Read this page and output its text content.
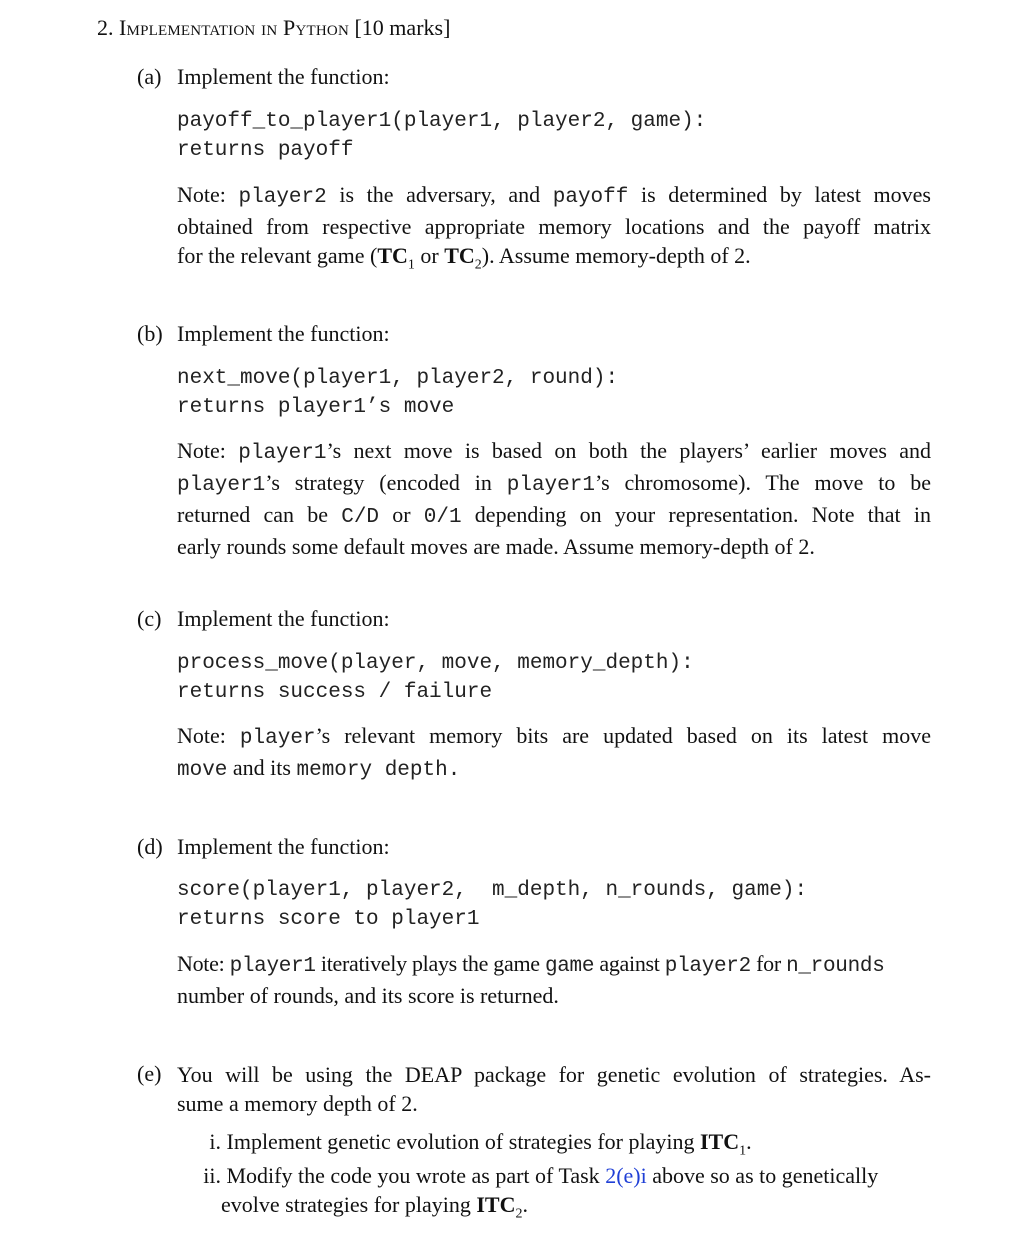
2. Implementation in Python [10 marks]
(a) Implement the function:
payoff_to_player1(player1, player2, game):
returns payoff
Note: player2 is the adversary, and payoff is determined by latest moves
obtained from respective appropriate memory locations and the payoff matrix
for the relevant game ($TC_1$ or $TC_2$). Assume memory-depth of 2.
(b) Implement the function:
next_move(player1, player2, round):
returns player1’s move
Note: player1’s next move is based on both the players’ earlier moves and
player1’s strategy (encoded in player1’s chromosome). The move to be
returned can be C/D or 0/1 depending on your representation. Note that in
early rounds some default moves are made. Assume memory-depth of 2.
(c) Implement the function:
process_move(player, move, memory_depth):
returns success / failure
Note: player’s relevant memory bits are updated based on its latest move
move and its memory depth.
(d) Implement the function:
score(player1, player2,  m_depth, n_rounds, game):
returns score to player1
Note: player1 iteratively plays the game game against player2 for n_rounds
number of rounds, and its score is returned.
(e) You will be using the DEAP package for genetic evolution of strategies. As-
sume a memory depth of 2.
i. Implement genetic evolution of strategies for playing $ITC_1$.
ii. Modify the code you wrote as part of Task 2(e)i above so as to genetically
evolve strategies for playing $ITC_2$.
